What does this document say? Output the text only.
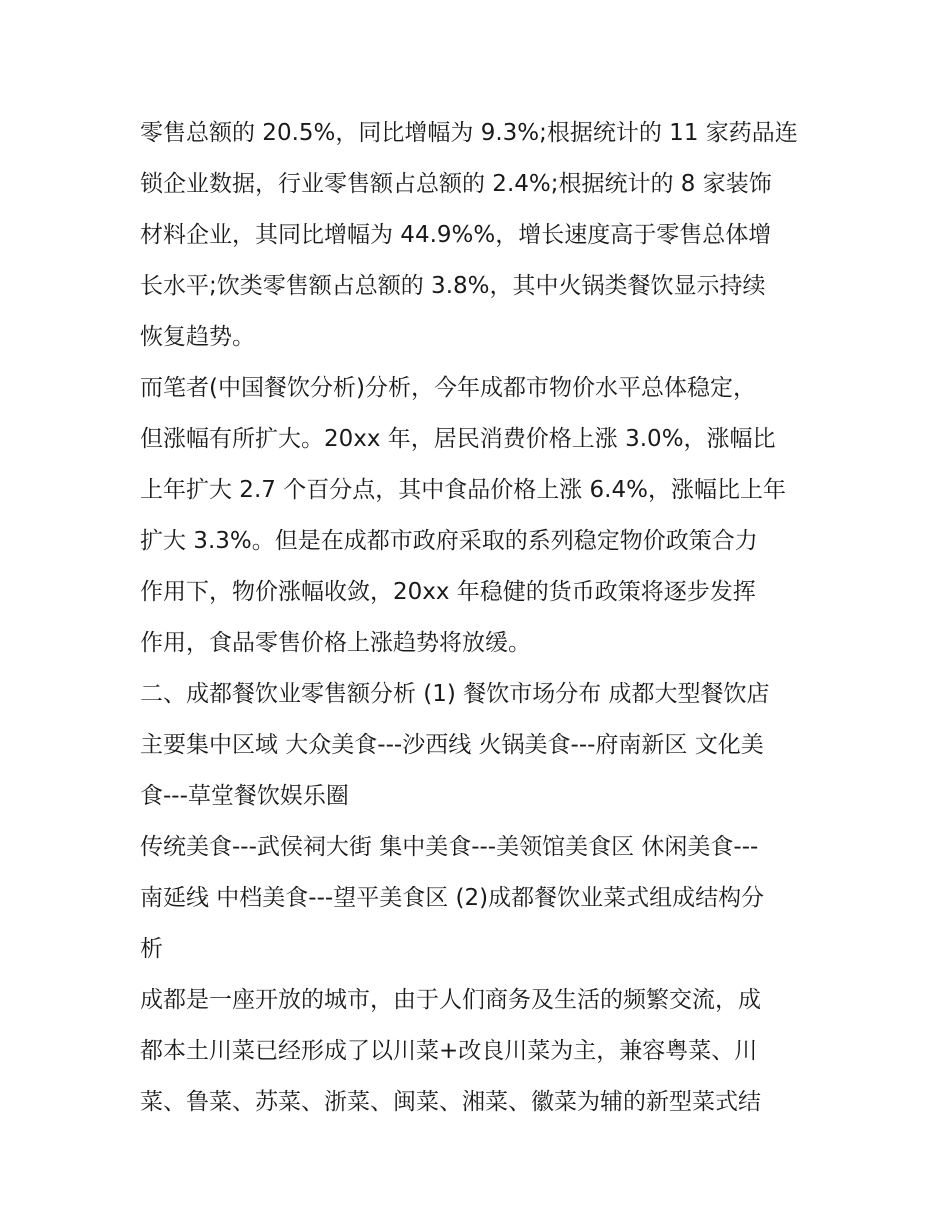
零售总额的 20.5%，同比增幅为 9.3%;根据统计的 11 家药品连
锁企业数据，行业零售额占总额的 2.4%;根据统计的 8 家装饰
材料企业，其同比增幅为 44.9%%，增长速度高于零售总体增
长水平;饮类零售额占总额的 3.8%，其中火锅类餐饮显示持续
恢复趋势。
而笔者(中国餐饮分析)分析，今年成都市物价水平总体稳定，
但涨幅有所扩大。20xx 年，居民消费价格上涨 3.0%，涨幅比
上年扩大 2.7 个百分点，其中食品价格上涨 6.4%，涨幅比上年
扩大 3.3%。但是在成都市政府采取的系列稳定物价政策合力
作用下，物价涨幅收敛，20xx 年稳健的货币政策将逐步发挥
作用，食品零售价格上涨趋势将放缓。
二、成都餐饮业零售额分析 (1) 餐饮市场分布 成都大型餐饮店
主要集中区域 大众美食---沙西线 火锅美食---府南新区 文化美
食---草堂餐饮娱乐圈
传统美食---武侯祠大街 集中美食---美领馆美食区 休闲美食---
南延线 中档美食---望平美食区 (2)成都餐饮业菜式组成结构分
析
成都是一座开放的城市，由于人们商务及生活的频繁交流，成
都本土川菜已经形成了以川菜+改良川菜为主，兼容粤菜、川
菜、鲁菜、苏菜、浙菜、闽菜、湘菜、徽菜为辅的新型菜式结
